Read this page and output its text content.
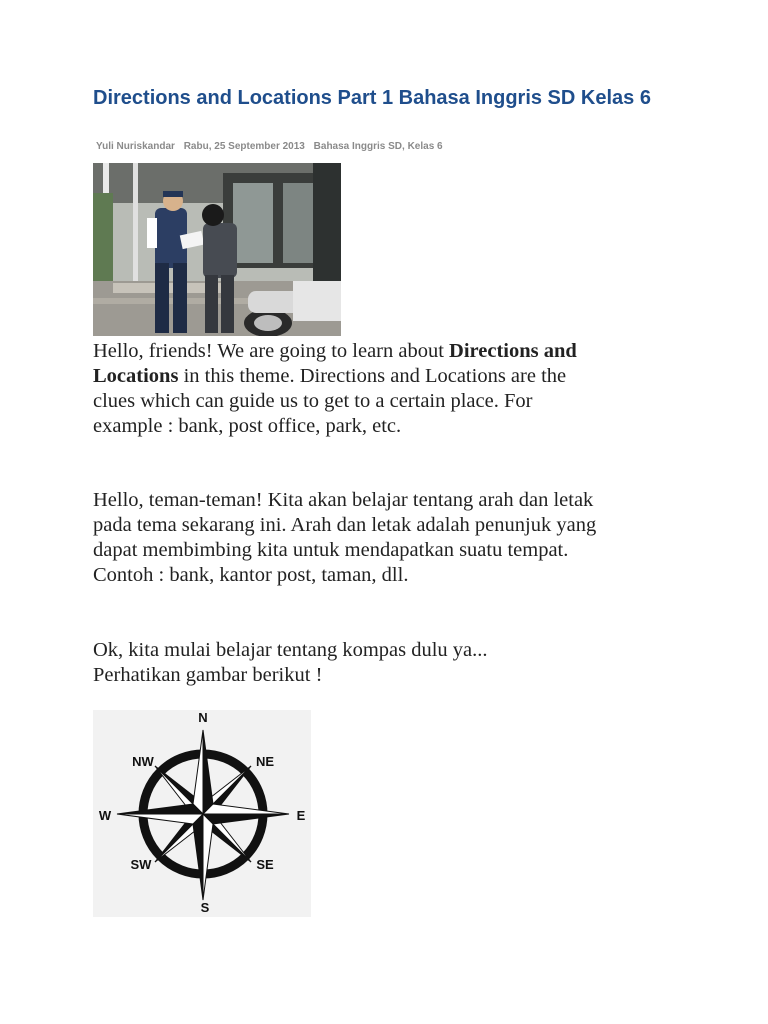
Directions and Locations Part 1 Bahasa Inggris SD Kelas 6
Yuli Nuriskandar Rabu, 25 September 2013 Bahasa Inggris SD, Kelas 6

Hello, friends! We are going to learn about Directions and
Locations in this theme. Directions and Locations are the
clues which can guide us to get to a certain place. For
example : bank, post office, park, etc.

Hello, teman-teman! Kita akan belajar tentang arah dan letak
pada tema sekarang ini. Arah dan letak adalah penunjuk yang
dapat membimbing kita untuk mendapatkan suatu tempat.
Contoh : bank, kantor post, taman, dll.

Ok, kita mulai belajar tentang kompas dulu ya...
Perhatikan gambar berikut !

N
NE
E
SE
S
SW
W
NW
